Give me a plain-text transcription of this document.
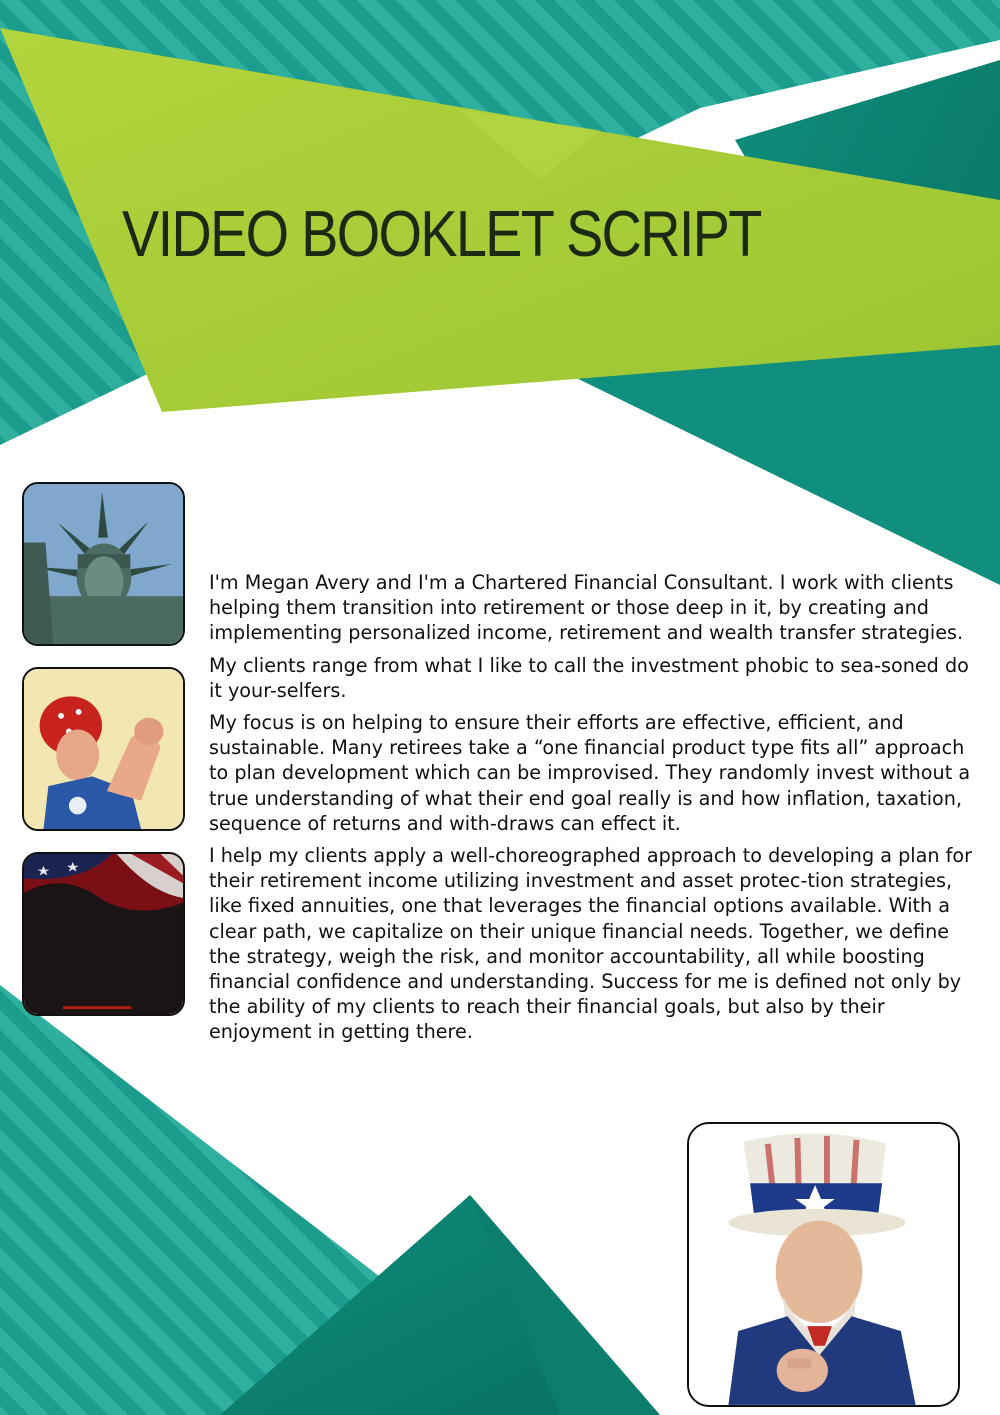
VIDEO BOOKLET SCRIPT

I'm Megan Avery and I'm a Chartered Financial Consultant. I work with clients helping them transition into retirement or those deep in it, by creating and implementing personalized income, retirement and wealth transfer strategies.

My clients range from what I like to call the investment phobic to sea-soned do it your-selfers.

My focus is on helping to ensure their efforts are effective, efficient, and sustainable. Many retirees take a “one financial product type fits all” approach to plan development which can be improvised. They randomly invest without a true understanding of what their end goal really is and how inflation, taxation, sequence of returns and with-draws can effect it.

I help my clients apply a well-choreographed approach to developing a plan for their retirement income utilizing investment and asset protec-tion strategies, like fixed annuities, one that leverages the financial options available. With a clear path, we capitalize on their unique financial needs. Together, we define the strategy, weigh the risk, and monitor accountability, all while boosting financial confidence and understanding. Success for me is defined not only by the ability of my clients to reach their financial goals, but also by their enjoyment in getting there.
